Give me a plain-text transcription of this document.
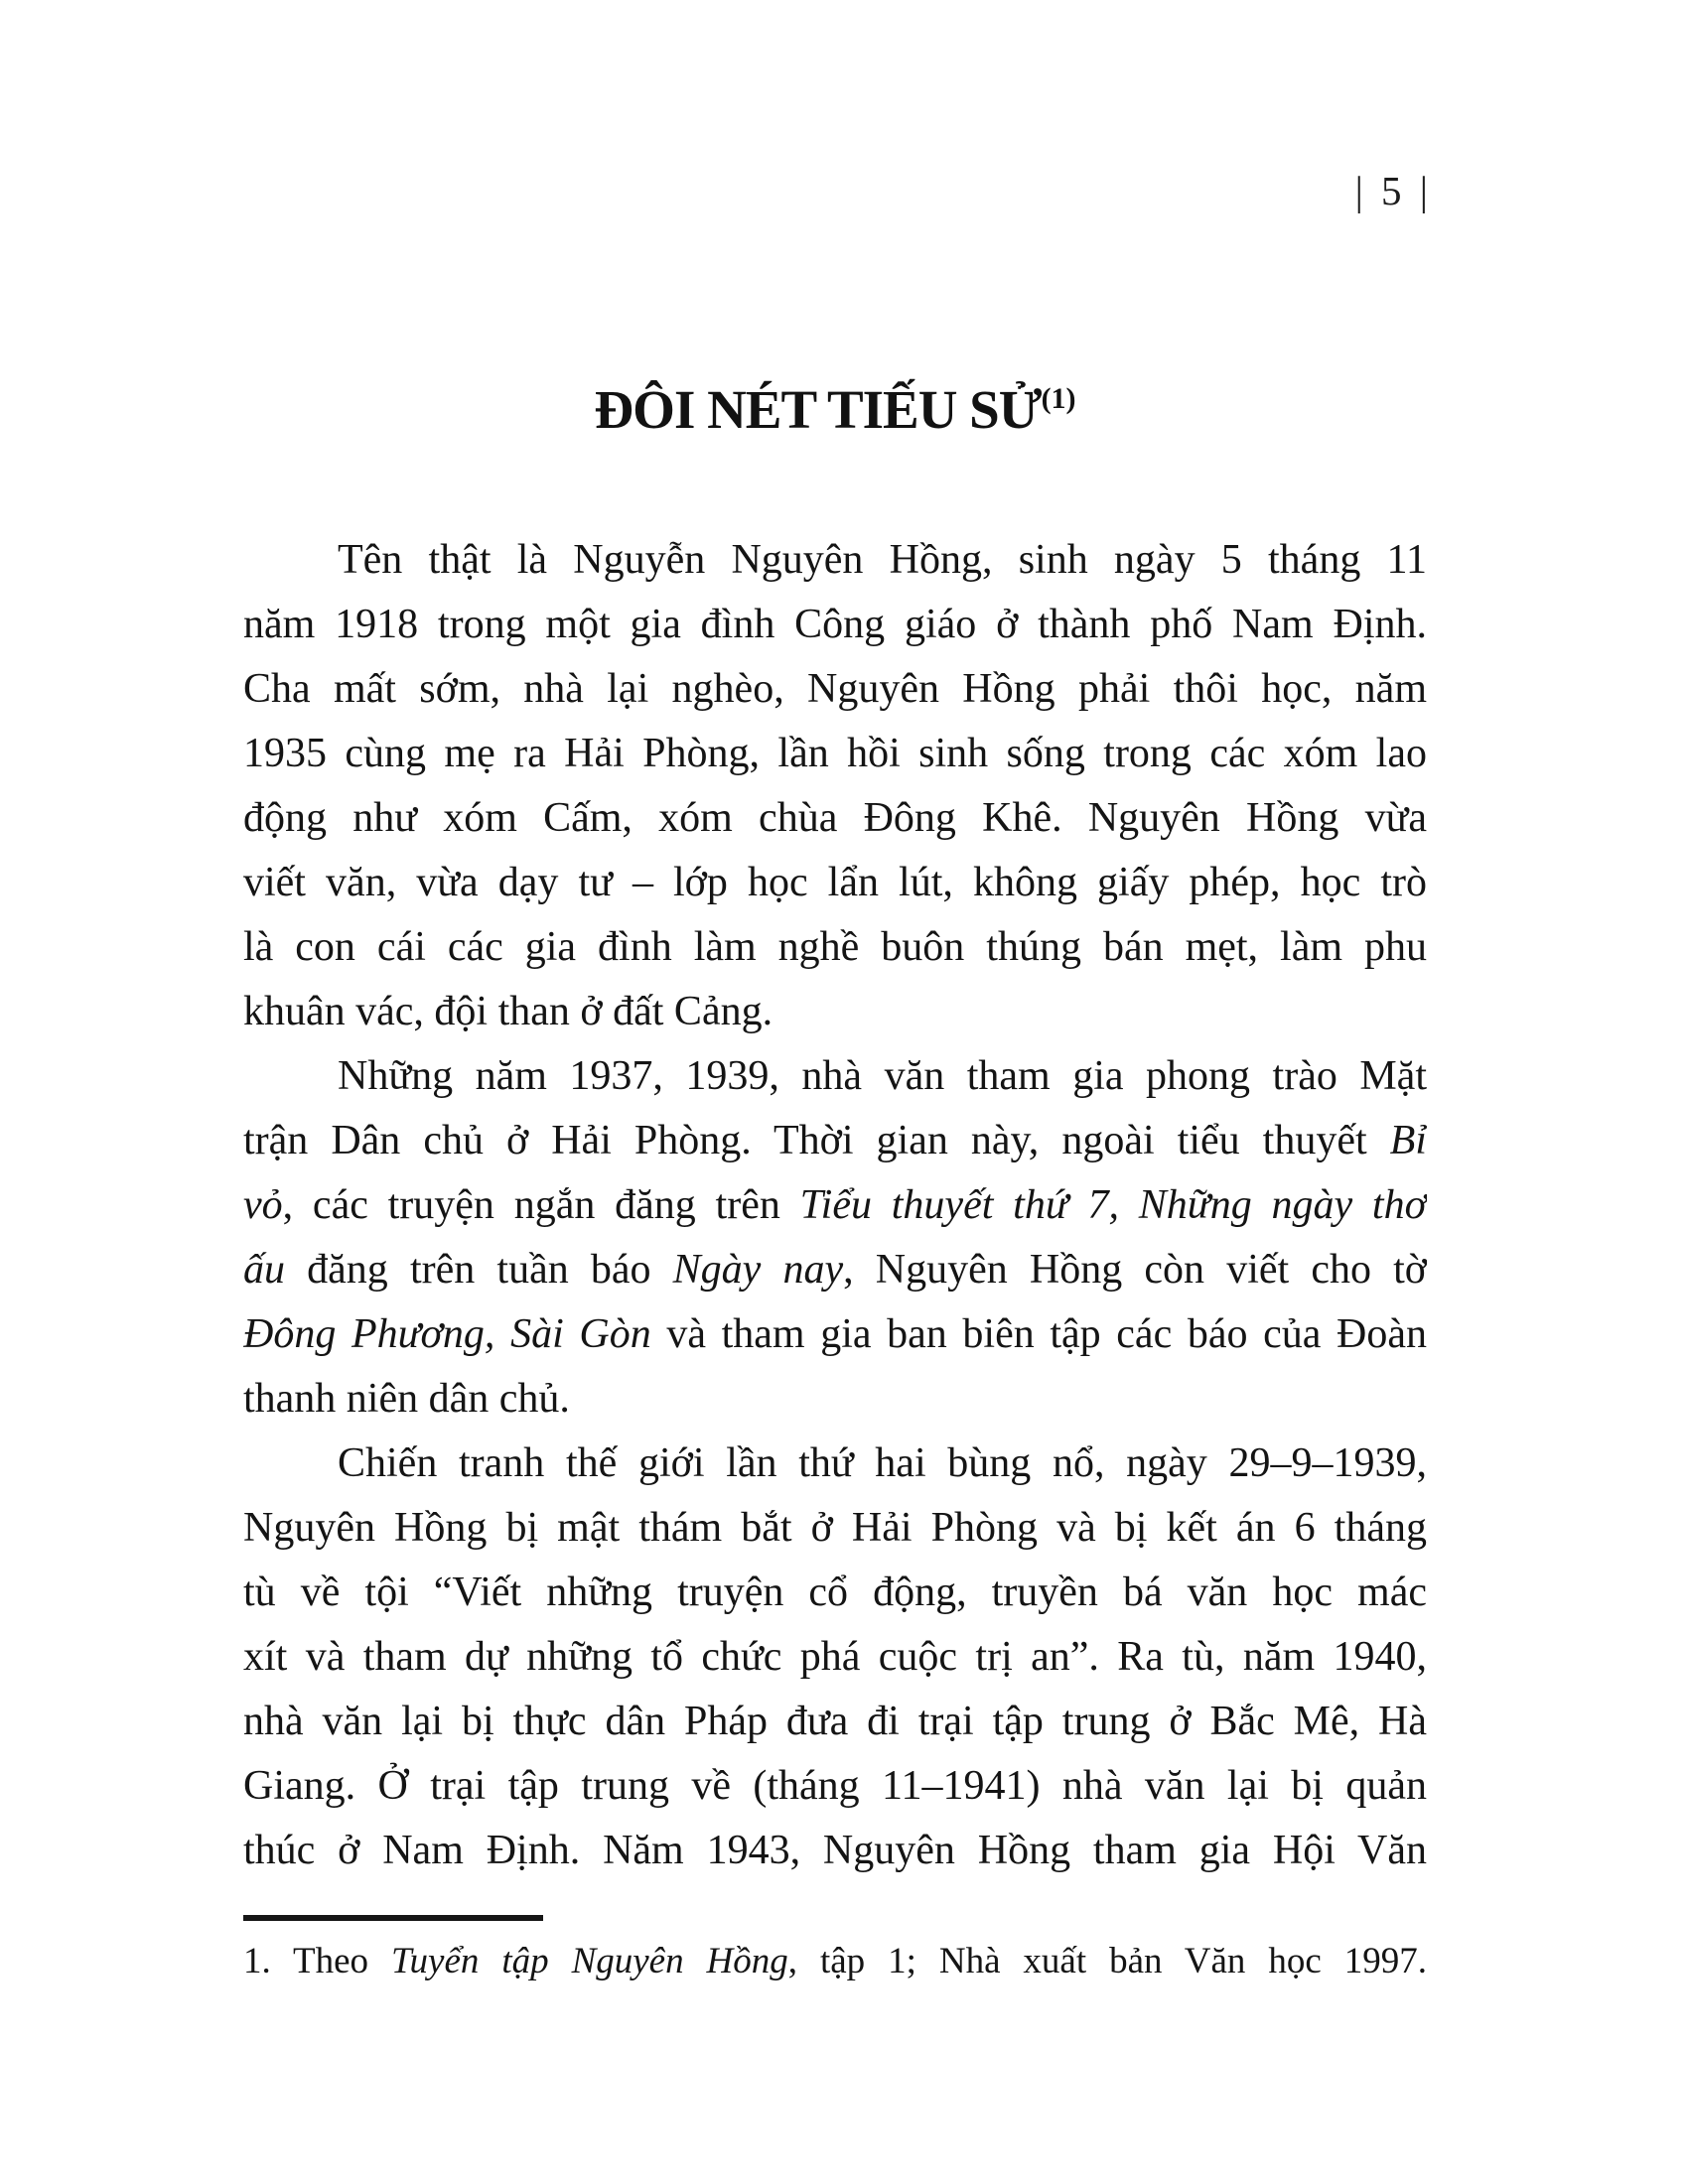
| 5 |
ĐÔI NÉT TIẾU SỬ$^{(1)}$
Tên thật là Nguyễn Nguyên Hồng, sinh ngày 5 tháng 11
năm 1918 trong một gia đình Công giáo ở thành phố Nam Định.
Cha mất sớm, nhà lại nghèo, Nguyên Hồng phải thôi học, năm
1935 cùng mẹ ra Hải Phòng, lần hồi sinh sống trong các xóm lao
động như xóm Cấm, xóm chùa Đông Khê. Nguyên Hồng vừa
viết văn, vừa dạy tư – lớp học lẩn lút, không giấy phép, học trò
là con cái các gia đình làm nghề buôn thúng bán mẹt, làm phu
khuân vác, đội than ở đất Cảng.
Những năm 1937, 1939, nhà văn tham gia phong trào Mặt
trận Dân chủ ở Hải Phòng. Thời gian này, ngoài tiểu thuyết Bỉ
vỏ, các truyện ngắn đăng trên Tiểu thuyết thứ 7, Những ngày thơ
ấu đăng trên tuần báo Ngày nay, Nguyên Hồng còn viết cho tờ
Đông Phương, Sài Gòn và tham gia ban biên tập các báo của Đoàn
thanh niên dân chủ.
Chiến tranh thế giới lần thứ hai bùng nổ, ngày 29–9–1939,
Nguyên Hồng bị mật thám bắt ở Hải Phòng và bị kết án 6 tháng
tù về tội “Viết những truyện cổ động, truyền bá văn học mác
xít và tham dự những tổ chức phá cuộc trị an”. Ra tù, năm 1940,
nhà văn lại bị thực dân Pháp đưa đi trại tập trung ở Bắc Mê, Hà
Giang. Ở trại tập trung về (tháng 11–1941) nhà văn lại bị quản
thúc ở Nam Định. Năm 1943, Nguyên Hồng tham gia Hội Văn
1. Theo Tuyển tập Nguyên Hồng, tập 1; Nhà xuất bản Văn học 1997.
